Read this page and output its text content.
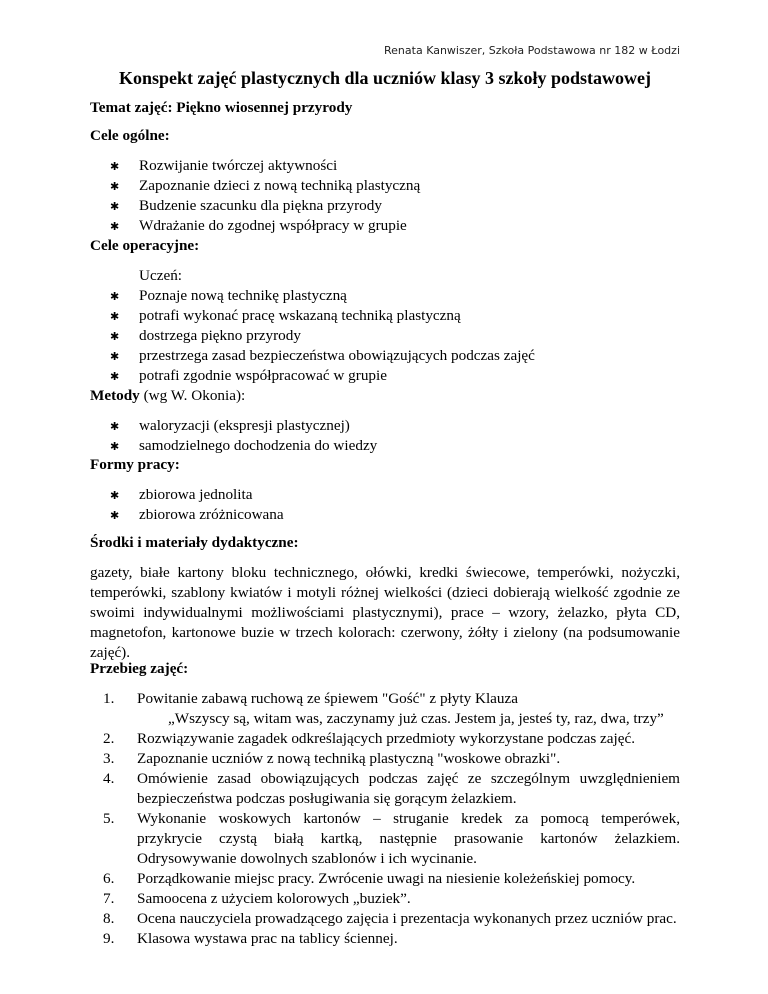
Renata Kanwiszer, Szkoła Podstawowa nr 182 w Łodzi
Konspekt zajęć plastycznych dla uczniów klasy 3 szkoły podstawowej
Temat zajęć: Piękno wiosennej przyrody
Cele ogólne:
✱ Rozwijanie twórczej aktywności
✱ Zapoznanie dzieci z nową techniką plastyczną
✱ Budzenie szacunku dla piękna przyrody
✱ Wdrażanie do zgodnej współpracy w grupie
Cele operacyjne:
Uczeń:
✱ Poznaje nową technikę plastyczną
✱ potrafi wykonać pracę wskazaną techniką plastyczną
✱ dostrzega piękno przyrody
✱ przestrzega zasad bezpieczeństwa obowiązujących podczas zajęć
✱ potrafi zgodnie współpracować w grupie
Metody (wg W. Okonia):
✱ waloryzacji (ekspresji plastycznej)
✱ samodzielnego dochodzenia do wiedzy
Formy pracy:
✱ zbiorowa jednolita
✱ zbiorowa zróżnicowana
Środki i materiały dydaktyczne:
gazety, białe kartony bloku technicznego, ołówki, kredki świecowe, temperówki, nożyczki, temperówki, szablony kwiatów i motyli różnej wielkości (dzieci dobierają wielkość zgodnie ze swoimi indywidualnymi możliwościami plastycznymi), prace – wzory, żelazko, płyta CD, magnetofon, kartonowe buzie w trzech kolorach: czerwony, żółty i zielony (na podsumowanie zajęć).
Przebieg zajęć:
1. Powitanie zabawą ruchową ze śpiewem "Gość" z płyty Klauza
„Wszyscy są, witam was, zaczynamy już czas. Jestem ja, jesteś ty, raz, dwa, trzy”
2. Rozwiązywanie zagadek odkreślających przedmioty wykorzystane podczas zajęć.
3. Zapoznanie uczniów z nową techniką plastyczną "woskowe obrazki".
4. Omówienie zasad obowiązujących podczas zajęć ze szczególnym uwzględnieniem bezpieczeństwa podczas posługiwania się gorącym żelazkiem.
5. Wykonanie woskowych kartonów – struganie kredek za pomocą temperówek, przykrycie czystą białą kartką, następnie prasowanie kartonów żelazkiem. Odrysowywanie dowolnych szablonów i ich wycinanie.
6. Porządkowanie miejsc pracy. Zwrócenie uwagi na niesienie koleżeńskiej pomocy.
7. Samoocena z użyciem kolorowych „buziek”.
8. Ocena nauczyciela prowadzącego zajęcia i prezentacja wykonanych przez uczniów prac.
9. Klasowa wystawa prac na tablicy ściennej.
